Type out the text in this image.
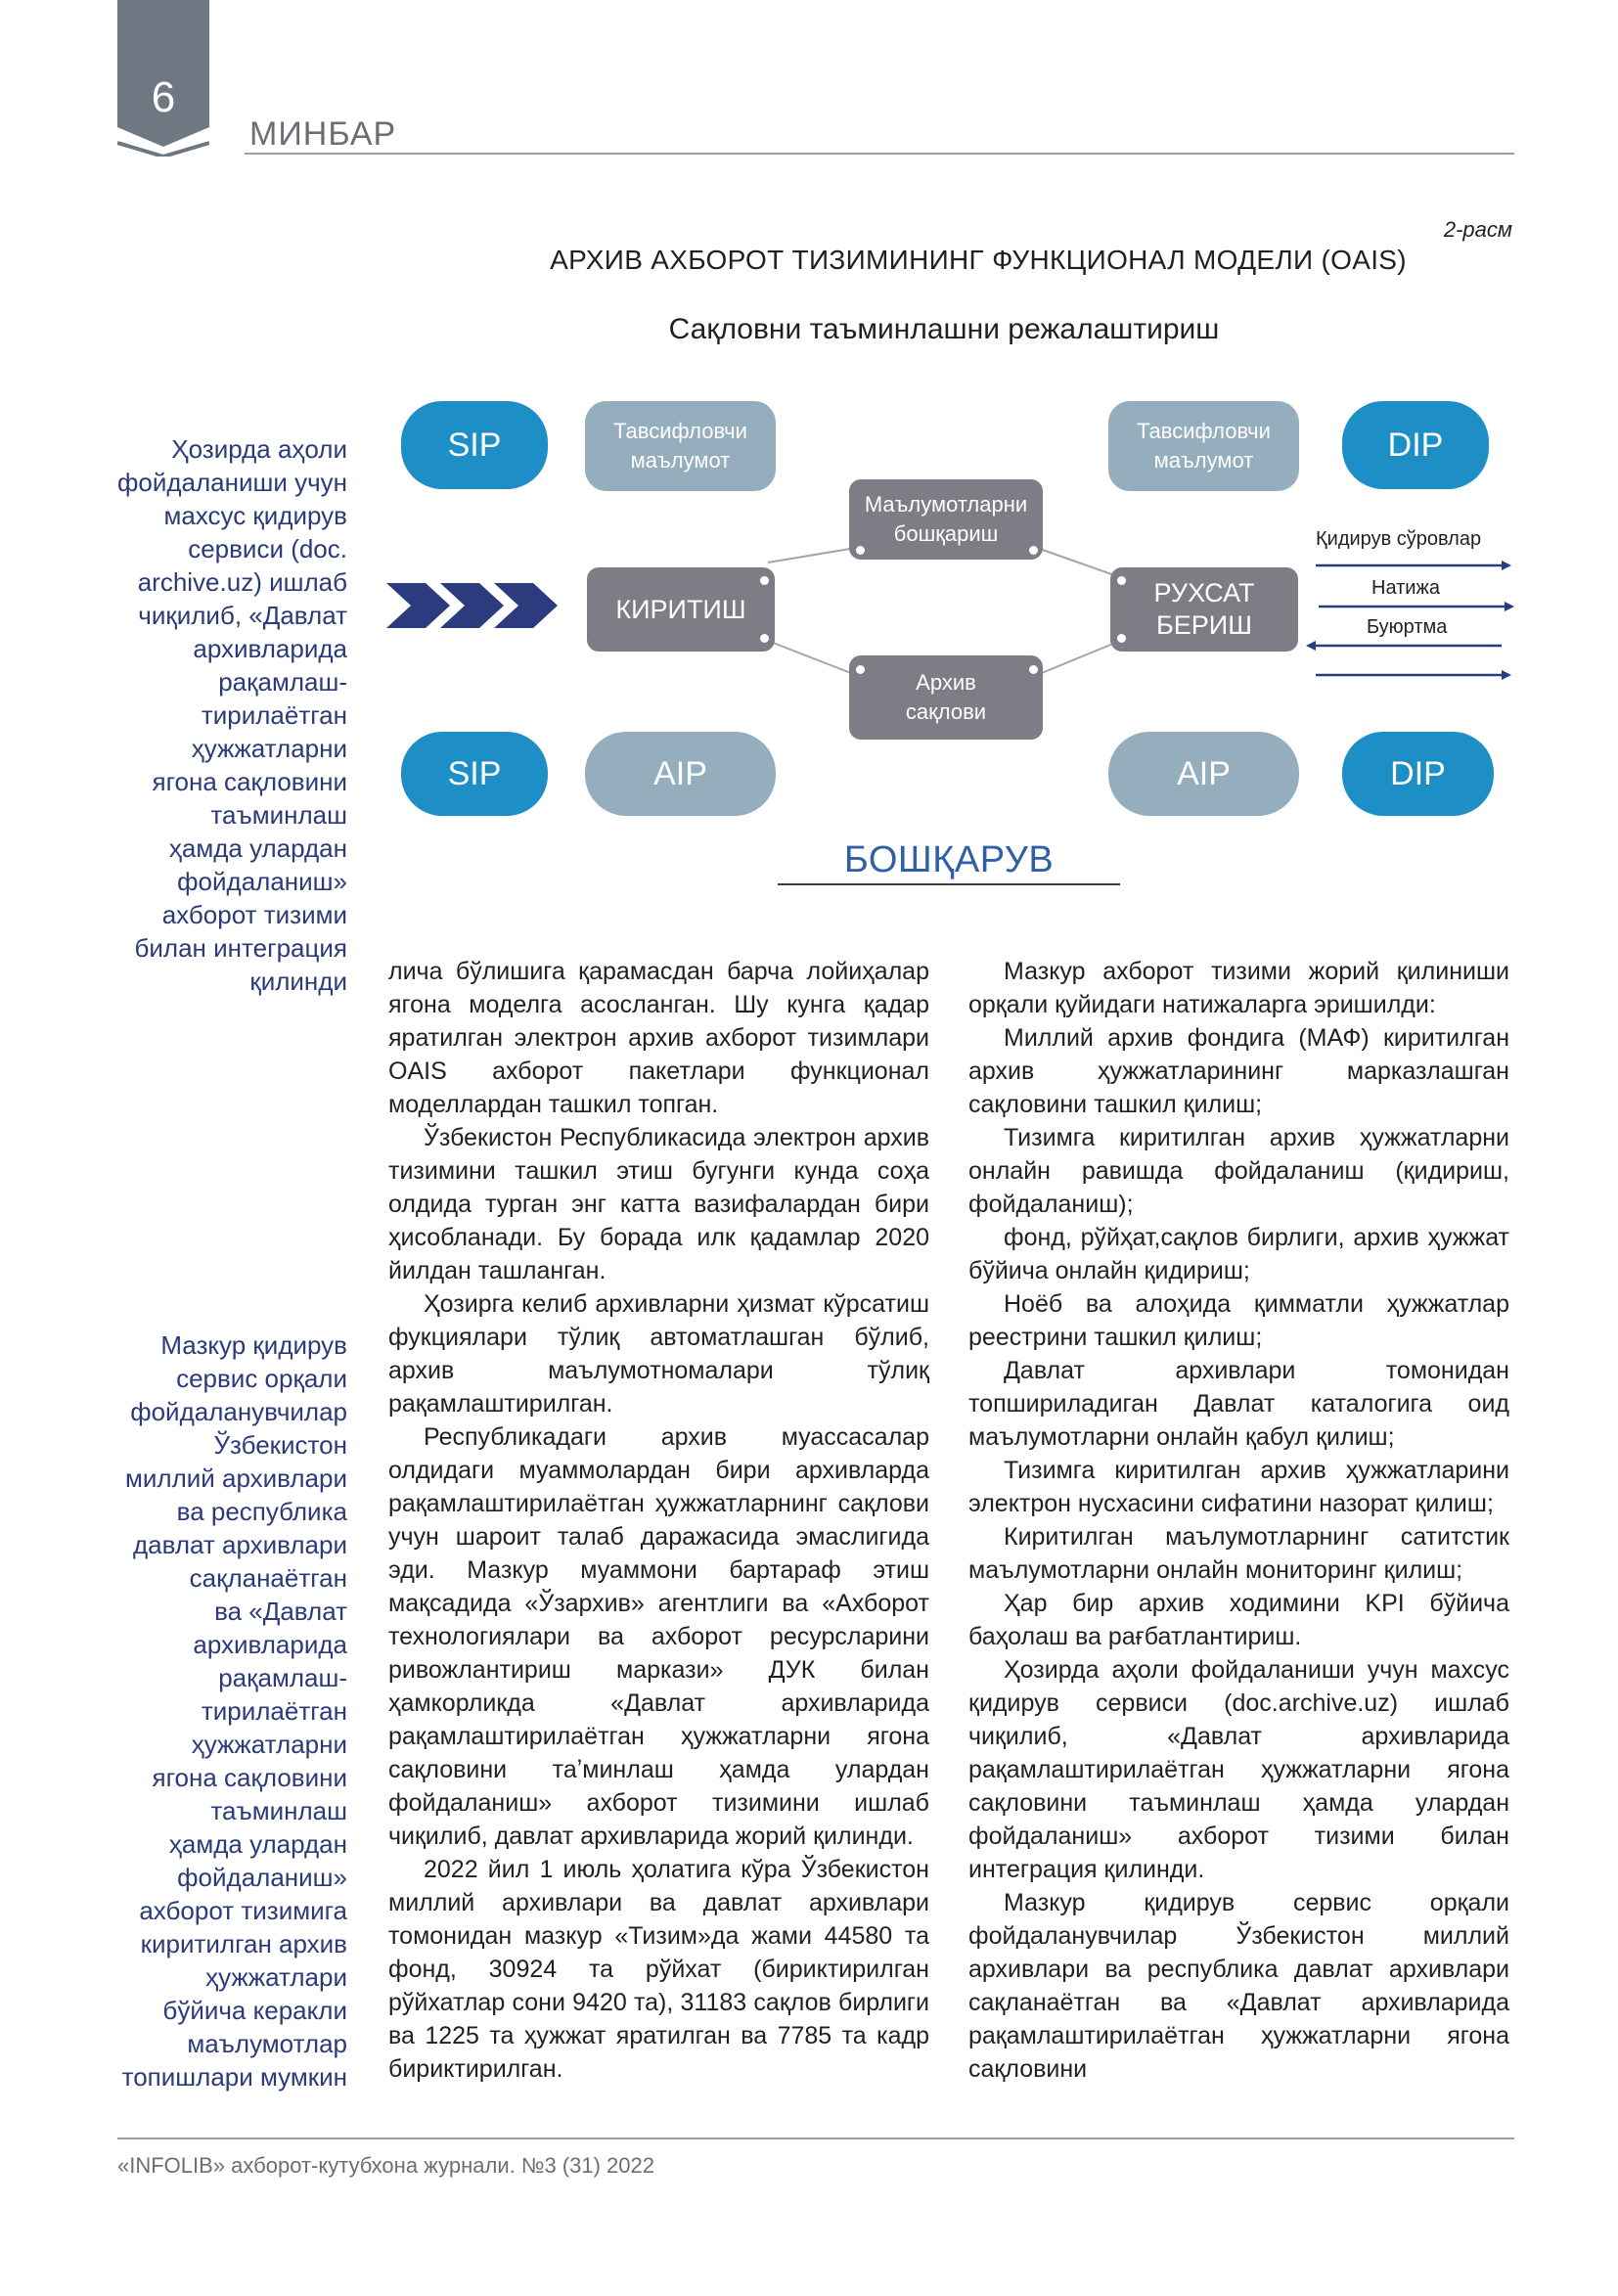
6
МИНБАР
2-расм
АРХИВ АХБОРОТ ТИЗИМИНИНГ ФУНКЦИОНАЛ МОДЕЛИ (OAIS)
Сақловни таъминлашни режалаштириш
SIP	Тавсифловчи
маълумот
Тавсифловчи
маълумот	DIP
Маълумотларни
бошқариш
КИРИТИШ
РУХСАТ
БЕРИШ
Архив
сақлови
Қидирув сўровлар
Натижа
Буюртма
SIP	AIP	AIP	DIP
БОШҚАРУВ
Ҳозирда аҳоли
фойдаланиши учун
махсус қидирув
сервиси (doc.
archive.uz) ишлаб
чиқилиб, «Давлат
архивларида
рақамлаш-
тирилаётган
ҳужжатларни
ягона сақловини
таъминлаш
ҳамда улардан
фойдаланиш»
ахборот тизими
билан интеграция
қилинди
Мазкур қидирув
сервис орқали
фойдаланувчилар
Ўзбекистон
миллий архивлари
ва республика
давлат архивлари
сақланаётган
ва «Давлат
архивларида
рақамлаш-
тирилаётган
ҳужжатларни
ягона сақловини
таъминлаш
ҳамда улардан
фойдаланиш»
ахборот тизимига
киритилган архив
ҳужжатлари
бўйича керакли
маълумотлар
топишлари мумкин

лича бўлишига қарамасдан барча лойиҳалар ягона моделга асосланган. Шу кунга қадар яратилган электрон архив ахборот тизимлари OAIS ахборот пакетлари функционал моделлардан ташкил топган.

Ўзбекистон Республикасида электрон архив тизимини ташкил этиш бугунги кунда соҳа олдида турган энг катта вазифалардан бири ҳисобланади. Бу борада илк қадамлар 2020 йилдан ташланган.

Ҳозирга келиб архивларни ҳизмат кўрсатиш фукциялари тўлиқ автоматлашган бўлиб, архив маълумотномалари тўлиқ рақамлаштирилган.

Республикадаги архив муассасалар олдидаги муаммолардан бири архивларда рақамлаштирилаётган ҳужжатларнинг сақлови учун шароит талаб даражасида эмаслигида эди. Мазкур муаммони бартараф этиш мақсадида «Ўзархив» агентлиги ва «Ахборот технологиялари ва ахборот ресурсларини ривожлантириш маркази» ДУК билан ҳамкорликда «Давлат архивларида рақамлаштирилаётган ҳужжатларни ягона сақловини таʼминлаш ҳамда улардан фойдаланиш» ахборот тизимини ишлаб чиқилиб, давлат архивларида жорий қилинди.

2022 йил 1 июль ҳолатига кўра Ўзбекистон миллий архивлари ва давлат архивлари томонидан мазкур «Тизим»да жами 44580 та фонд, 30924 та рўйхат (бириктирилган рўйхатлар сони 9420 та), 31183 сақлов бирлиги ва 1225 та ҳужжат яратилган ва 7785 та кадр бириктирилган.

Мазкур ахборот тизими жорий қилиниши орқали қуйидаги натижаларга эришилди:

Миллий архив фондига (МАФ) киритилган архив ҳужжатларининг марказлашган сақловини ташкил қилиш;

Тизимга киритилган архив ҳужжатларни онлайн равишда фойдаланиш (қидириш, фойдаланиш);

фонд, рўйҳат,сақлов бирлиги, архив ҳужжат бўйича онлайн қидириш;

Ноёб ва алоҳида қимматли ҳужжатлар реестрини ташкил қилиш;

Давлат архивлари томонидан топшириладиган Давлат каталогига оид маълумотларни онлайн қабул қилиш;

Тизимга киритилган архив ҳужжатларини электрон нусхасини сифатини назорат қилиш;

Киритилган маълумотларнинг сатитстик маълумотларни онлайн мониторинг қилиш;

Ҳар бир архив ходимини KPI бўйича баҳолаш ва рағбатлантириш.

Ҳозирда аҳоли фойдаланиши учун махсус қидирув сервиси (doc.archive.uz) ишлаб чиқилиб, «Давлат архивларида рақамлаштирилаётган ҳужжатларни ягона сақловини таъминлаш ҳамда улардан фойдаланиш» ахборот тизими билан интеграция қилинди.

Мазкур қидирув сервис орқали фойдаланувчилар Ўзбекистон миллий архивлари ва республика давлат архивлари сақланаётган ва «Давлат архивларида рақамлаштирилаётган ҳужжатларни ягона сақловини

«INFOLIB» ахборот-кутубхона журнали. №3 (31) 2022
